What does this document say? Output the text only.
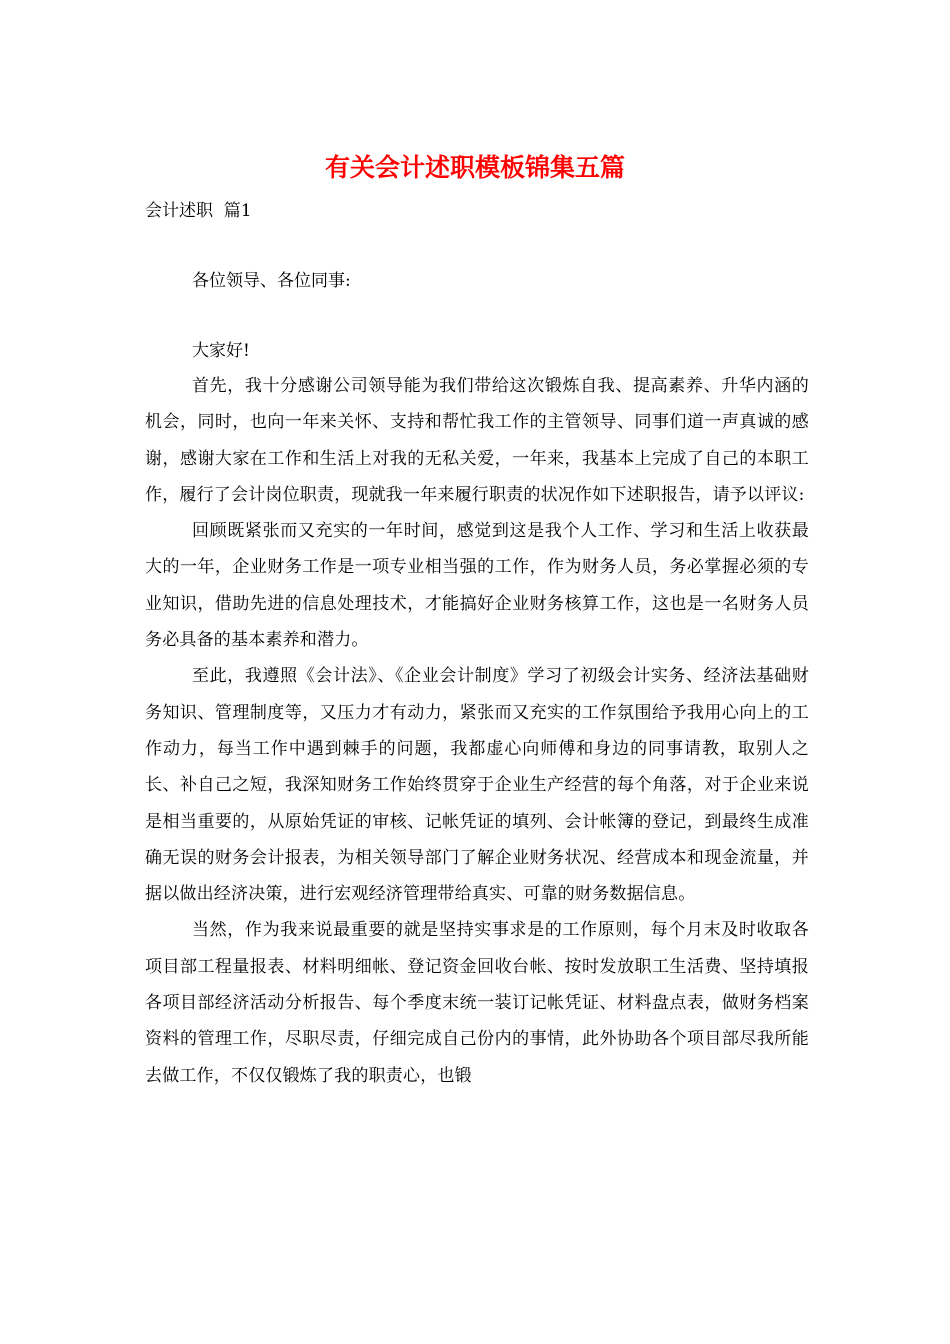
有关会计述职模板锦集五篇
会计述职  篇1
各位领导、各位同事:
大家好!

首先，我十分感谢公司领导能为我们带给这次锻炼自我、提高素养、升华内涵的机会，同时，也向一年来关怀、支持和帮忙我工作的主管领导、同事们道一声真诚的感谢，感谢大家在工作和生活上对我的无私关爱，一年来，我基本上完成了自己的本职工作，履行了会计岗位职责，现就我一年来履行职责的状况作如下述职报告，请予以评议:

回顾既紧张而又充实的一年时间，感觉到这是我个人工作、学习和生活上收获最大的一年，企业财务工作是一项专业相当强的工作，作为财务人员，务必掌握必须的专业知识，借助先进的信息处理技术，才能搞好企业财务核算工作，这也是一名财务人员务必具备的基本素养和潜力。

至此，我遵照《会计法》、《企业会计制度》学习了初级会计实务、经济法基础财务知识、管理制度等，又压力才有动力，紧张而又充实的工作氛围给予我用心向上的工作动力，每当工作中遇到棘手的问题，我都虚心向师傅和身边的同事请教，取别人之长、补自己之短，我深知财务工作始终贯穿于企业生产经营的每个角落，对于企业来说是相当重要的，从原始凭证的审核、记帐凭证的填列、会计帐簿的登记，到最终生成准确无误的财务会计报表，为相关领导部门了解企业财务状况、经营成本和现金流量，并据以做出经济决策，进行宏观经济管理带给真实、可靠的财务数据信息。

当然，作为我来说最重要的就是坚持实事求是的工作原则，每个月末及时收取各项目部工程量报表、材料明细帐、登记资金回收台帐、按时发放职工生活费、坚持填报各项目部经济活动分析报告、每个季度末统一装订记帐凭证、材料盘点表，做财务档案资料的管理工作，尽职尽责，仔细完成自己份内的事情，此外协助各个项目部尽我所能去做工作，不仅仅锻炼了我的职责心，也锻
